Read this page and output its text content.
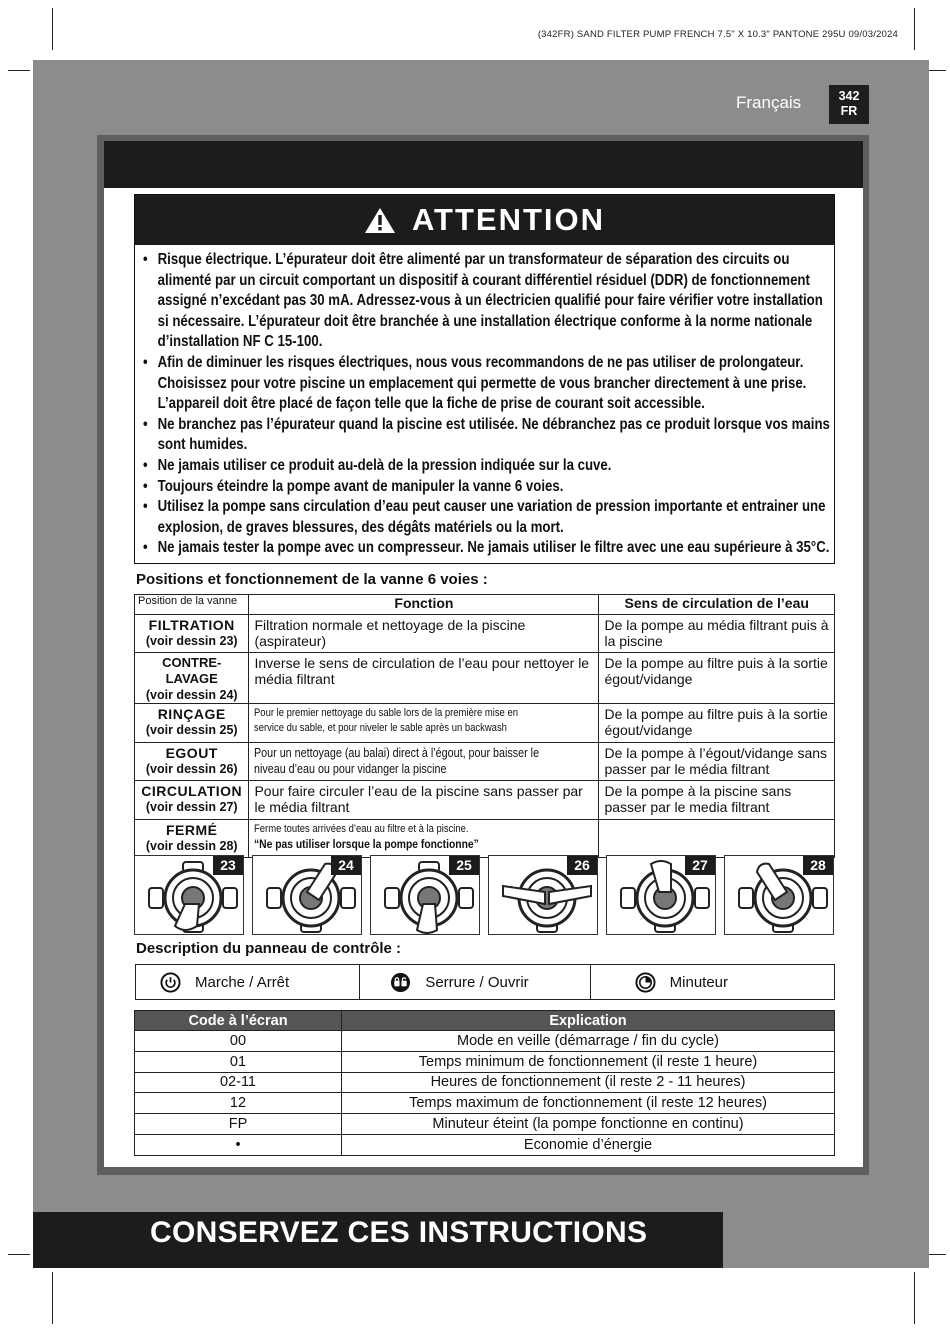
(342FR) SAND FILTER PUMP FRENCH 7.5" X 10.3" PANTONE 295U 09/03/2024
Français	342
FR
ATTENTION
• Risque électrique. L’épurateur doit être alimenté par un transformateur de séparation des circuits ou alimenté par un circuit comportant un dispositif à courant différentiel résiduel (DDR) de fonctionnement assigné n’excédant pas 30 mA. Adressez-vous à un électricien qualifié pour faire vérifier votre installation si nécessaire. L’épurateur doit être branchée à une installation électrique conforme à la norme nationale d’installation NF C 15-100.
• Afin de diminuer les risques électriques, nous vous recommandons de ne pas utiliser de prolongateur. Choisissez pour votre piscine un emplacement qui permette de vous brancher directement à une prise. L’appareil doit être placé de façon telle que la fiche de prise de courant soit accessible.
• Ne branchez pas l’épurateur quand la piscine est utilisée. Ne débranchez pas ce produit lorsque vos mains sont humides.
• Ne jamais utiliser ce produit au-delà de la pression indiquée sur la cuve.
• Toujours éteindre la pompe avant de manipuler la vanne 6 voies.
• Utilisez la pompe sans circulation d’eau peut causer une variation de pression importante et entrainer une explosion, de graves blessures, des dégâts matériels ou la mort.
• Ne jamais tester la pompe avec un compresseur. Ne jamais utiliser le filtre avec une eau supérieure à 35°C.
Positions et fonctionnement de la vanne 6 voies :
Position de la vanne	Fonction	Sens de circulation de l’eau

FILTRATION
(voir dessin 23)	Filtration normale et nettoyage de la piscine (aspirateur)	De la pompe au média filtrant puis à la piscine

CONTRE-LAVAGE
(voir dessin 24)	Inverse le sens de circulation de l’eau pour nettoyer le média filtrant	De la pompe au filtre puis à la sortie égout/vidange

RINÇAGE
(voir dessin 25)	Pour le premier nettoyage du sable lors de la première mise en service du sable, et pour niveler le sable après un backwash	De la pompe au filtre puis à la sortie égout/vidange

EGOUT
(voir dessin 26)	Pour un nettoyage (au balai) direct à l’égout, pour baisser le niveau d’eau ou pour vidanger la piscine	De la pompe à l’égout/vidange sans passer par le média filtrant

CIRCULATION
(voir dessin 27)	Pour faire circuler l’eau de la piscine sans passer par le média filtrant	De la pompe à la piscine sans passer par le media filtrant

FERMÉ
(voir dessin 28)	Ferme toutes arrivées d’eau au filtre et à la piscine.
“Ne pas utiliser lorsque la pompe fonctionne”	
23	24	25	26	27	28
Description du panneau de contrôle :
Marche / Arrêt	Serrure / Ouvrir	Minuteur
Code à l’écran	Explication
00	Mode en veille (démarrage / fin du cycle)
01	Temps minimum de fonctionnement (il reste 1 heure)
02-11	Heures de fonctionnement (il reste 2 - 11 heures)
12	Temps maximum de fonctionnement (il reste 12 heures)
FP	Minuteur éteint (la pompe fonctionne en continu)
•	Economie d’énergie
CONSERVEZ CES INSTRUCTIONS
